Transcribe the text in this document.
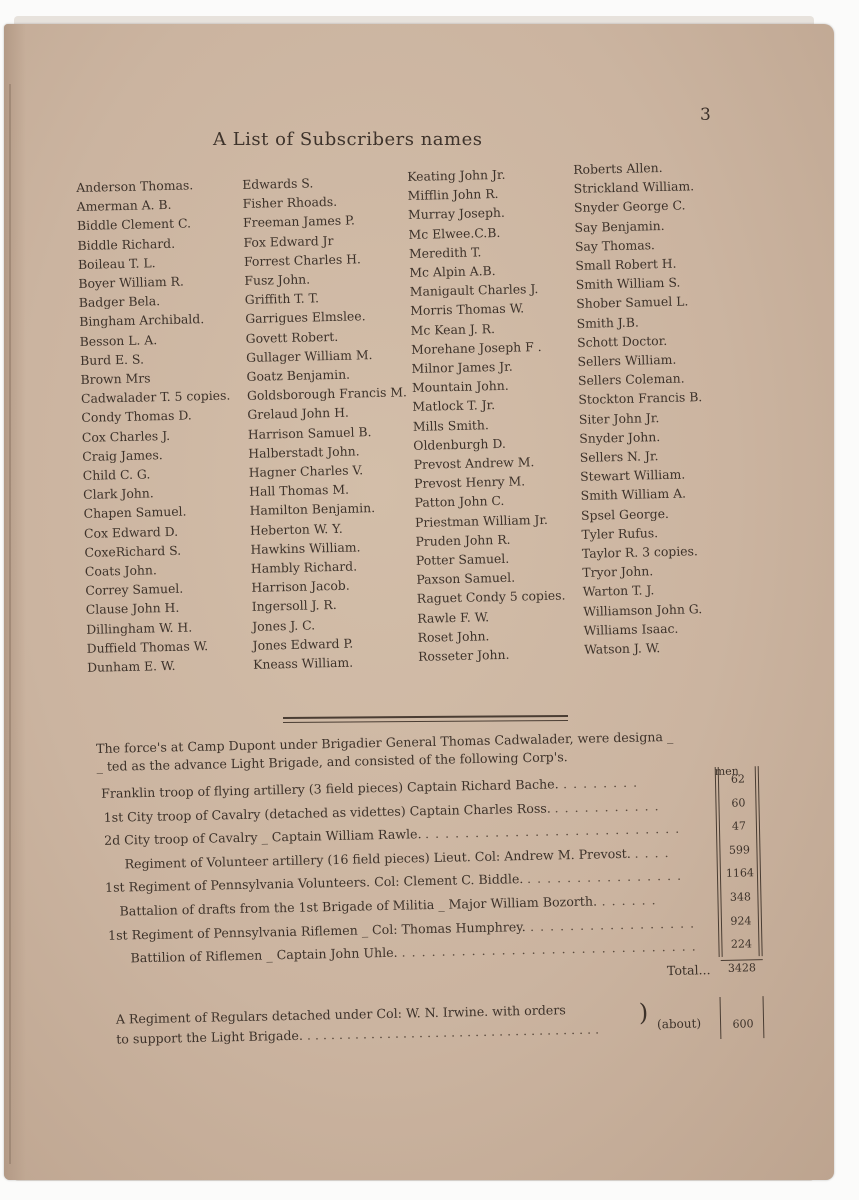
3
A List of Subscribers names
Anderson Thomas.
Amerman A. B.
Biddle Clement C.
Biddle Richard.
Boileau T. L.
Boyer William R.
Badger Bela.
Bingham Archibald.
Besson L. A.
Burd E. S.
Brown Mrs
Cadwalader T. 5 copies.
Condy Thomas D.
Cox Charles J.
Craig James.
Child C. G.
Clark John.
Chapen Samuel.
Cox Edward D.
CoxeRichard S.
Coats John.
Correy Samuel.
Clause John H.
Dillingham W. H.
Duffield Thomas W.
Dunham E. W.
Edwards S.
Fisher Rhoads.
Freeman James P.
Fox Edward Jr
Forrest Charles H.
Fusz John.
Griffith T. T.
Garrigues Elmslee.
Govett Robert.
Gullager William M.
Goatz Benjamin.
Goldsborough Francis M.
Grelaud John H.
Harrison Samuel B.
Halberstadt John.
Hagner Charles V.
Hall Thomas M.
Hamilton Benjamin.
Heberton W. Y.
Hawkins William.
Hambly Richard.
Harrison Jacob.
Ingersoll J. R.
Jones J. C.
Jones Edward P.
Kneass William.
Keating John Jr.
Mifflin John R.
Murray Joseph.
Mc Elwee.C.B.
Meredith T.
Mc Alpin A.B.
Manigault Charles J.
Morris Thomas W.
Mc Kean J. R.
Morehane Joseph F .
Milnor James Jr.
Mountain John.
Matlock T. Jr.
Mills Smith.
Oldenburgh D.
Prevost Andrew M.
Prevost Henry M.
Patton John C.
Priestman William Jr.
Pruden John R.
Potter Samuel.
Paxson Samuel.
Raguet Condy 5 copies.
Rawle F. W.
Roset John.
Rosseter John.
Roberts Allen.
Strickland William.
Snyder George C.
Say Benjamin.
Say Thomas.
Small Robert H.
Smith William S.
Shober Samuel L.
Smith J.B.
Schott Doctor.
Sellers William.
Sellers Coleman.
Stockton Francis B.
Siter John Jr.
Snyder John.
Sellers N. Jr.
Stewart William.
Smith William A.
Spsel George.
Tyler Rufus.
Taylor R. 3 copies.
Tryor John.
Warton T. J.
Williamson John G.
Williams Isaac.
Watson J. W.
The force's at Camp Dupont under Brigadier General Thomas Cadwalader, were designa _
_ ted as the advance Light Brigade, and consisted of the following Corp's.	men
Franklin troop of flying artillery (3 field pieces) Captain Richard Bache. . . . . . . . .	62
1st City troop of Cavalry (detached as videttes) Captain Charles Ross. . . . . . . . . . . .	60
2d City troop of Cavalry _ Captain William Rawle. . . . . . . . . . . . . . . . . . . . . . . . . . .	47
Regiment of Volunteer artillery (16 field pieces) Lieut. Col: Andrew M. Prevost. . . . .	599
1st Regiment of Pennsylvania Volunteers. Col: Clement C. Biddle. . . . . . . . . . . . . . . . .	1164
Battalion of drafts from the 1st Brigade of Militia _ Major William Bozorth. . . . . . .	348
1st Regiment of Pennsylvania Riflemen _ Col: Thomas Humphrey. . . . . . . . . . . . . . . . . .	924
Battilion of Riflemen _ Captain John Uhle. . . . . . . . . . . . . . . . . . . . . . . . . . . . . . .	224
Total...	3428
A Regiment of Regulars detached under Col: W. N. Irwine. with orders
to support the Light Brigade. . . . . . . . . . . . . . . . . . . . . . . . . . . . . . . . . . . . . .
) (about)	600
